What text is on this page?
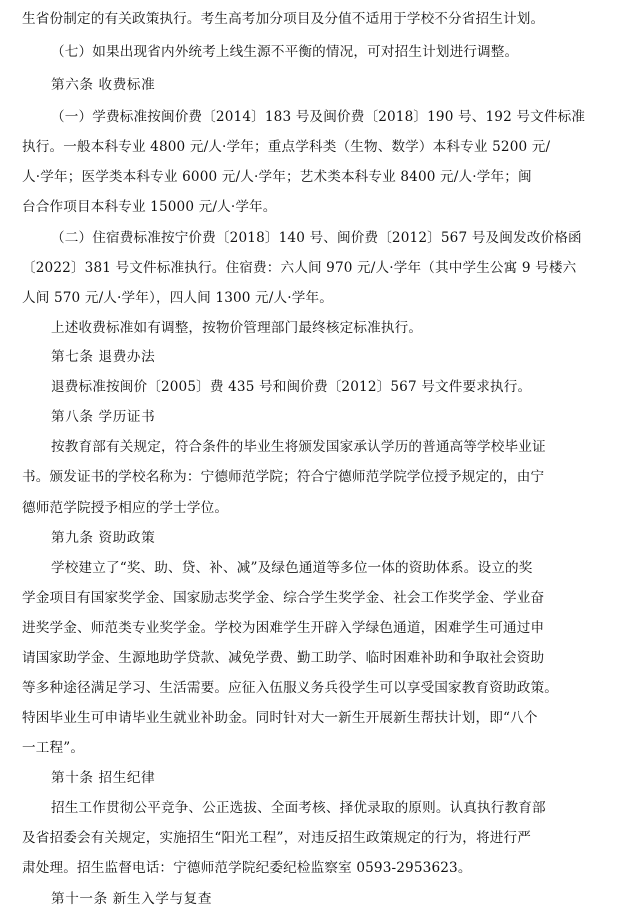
生省份制定的有关政策执行。考生高考加分项目及分值不适用于学校不分省招生计划。
（七）如果出现省内外统考上线生源不平衡的情况，可对招生计划进行调整。
第六条 收费标准
（一）学费标准按闽价费〔2014〕183 号及闽价费〔2018〕190 号、192 号文件标准
执行。一般本科专业 4800 元/人·学年；重点学科类（生物、数学）本科专业 5200 元/
人·学年；医学类本科专业 6000 元/人·学年；艺术类本科专业 8400 元/人·学年；闽
台合作项目本科专业 15000 元/人·学年。
（二）住宿费标准按宁价费〔2018〕140 号、闽价费〔2012〕567 号及闽发改价格函
〔2022〕381 号文件标准执行。住宿费：六人间 970 元/人·学年（其中学生公寓 9 号楼六
人间 570 元/人·学年），四人间 1300 元/人·学年。
上述收费标准如有调整，按物价管理部门最终核定标准执行。
第七条 退费办法
退费标准按闽价〔2005〕费 435 号和闽价费〔2012〕567 号文件要求执行。
第八条 学历证书
按教育部有关规定，符合条件的毕业生将颁发国家承认学历的普通高等学校毕业证
书。颁发证书的学校名称为：宁德师范学院；符合宁德师范学院学位授予规定的，由宁
德师范学院授予相应的学士学位。
第九条 资助政策
学校建立了“奖、助、贷、补、减”及绿色通道等多位一体的资助体系。设立的奖
学金项目有国家奖学金、国家励志奖学金、综合学生奖学金、社会工作奖学金、学业奋
进奖学金、师范类专业奖学金。学校为困难学生开辟入学绿色通道，困难学生可通过申
请国家助学金、生源地助学贷款、减免学费、勤工助学、临时困难补助和争取社会资助
等多种途径满足学习、生活需要。应征入伍服义务兵役学生可以享受国家教育资助政策。
特困毕业生可申请毕业生就业补助金。同时针对大一新生开展新生帮扶计划，即“八个
一工程”。
第十条 招生纪律
招生工作贯彻公平竞争、公正选拔、全面考核、择优录取的原则。认真执行教育部
及省招委会有关规定，实施招生“阳光工程”，对违反招生政策规定的行为，将进行严
肃处理。招生监督电话：宁德师范学院纪委纪检监察室 0593-2953623。
第十一条 新生入学与复查
